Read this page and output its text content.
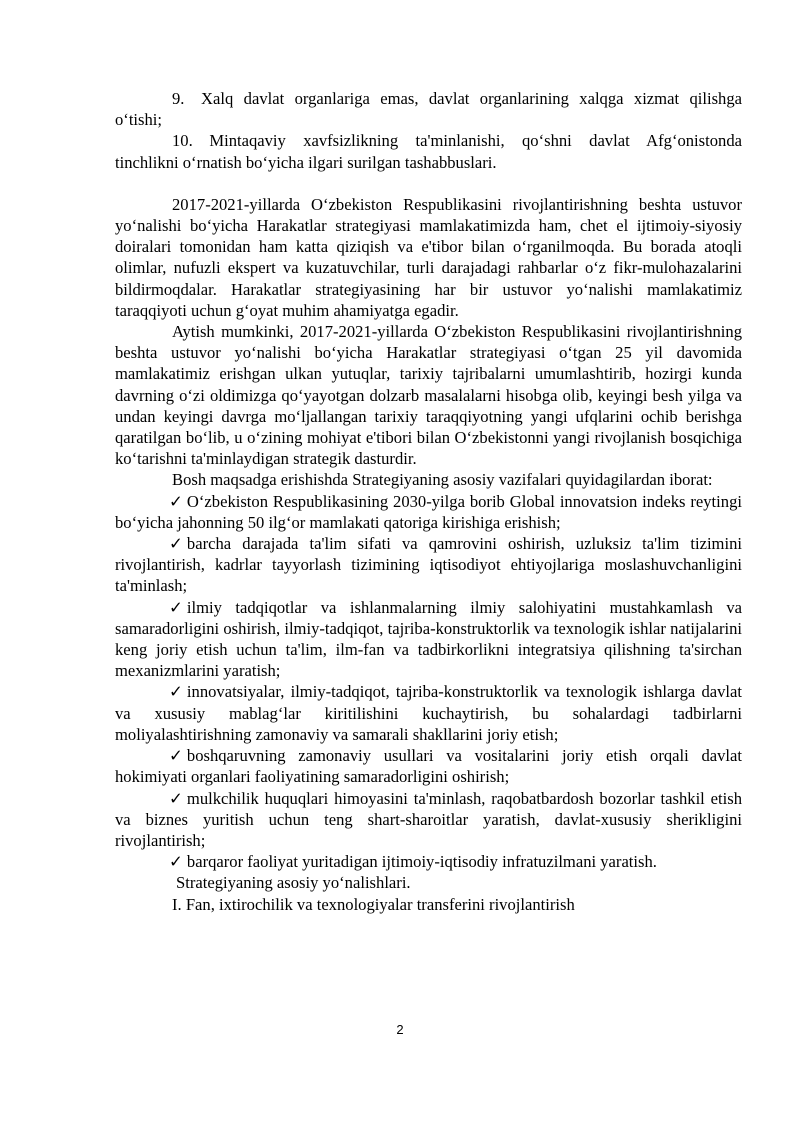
9. Xalq davlat organlariga emas, davlat organlarining xalqga xizmat qilishga oʻtishi;

10. Mintaqaviy xavfsizlikning ta'minlanishi, qoʻshni davlat Afgʻonistonda tinchlikni oʻrnatish boʻyicha ilgari surilgan tashabbuslari.

2017-2021-yillarda Oʻzbekiston Respublikasini rivojlantirishning beshta ustuvor yoʻnalishi boʻyicha Harakatlar strategiyasi mamlakatimizda ham, chet el ijtimoiy-siyosiy doiralari tomonidan ham katta qiziqish va e'tibor bilan oʻrganilmoqda. Bu borada atoqli olimlar, nufuzli ekspert va kuzatuvchilar, turli darajadagi rahbarlar oʻz fikr-mulohazalarini bildirmoqdalar. Harakatlar strategiyasining har bir ustuvor yoʻnalishi mamlakatimiz taraqqiyoti uchun gʻoyat muhim ahamiyatga egadir.

Aytish mumkinki, 2017-2021-yillarda Oʻzbekiston Respublikasini rivojlantirishning beshta ustuvor yoʻnalishi boʻyicha Harakatlar strategiyasi oʻtgan 25 yil davomida mamlakatimiz erishgan ulkan yutuqlar, tarixiy tajribalarni umumlashtirib, hozirgi kunda davrning oʻzi oldimizga qoʻyayotgan dolzarb masalalarni hisobga olib, keyingi besh yilga va undan keyingi davrga moʻljallangan tarixiy taraqqiyotning yangi ufqlarini ochib berishga qaratilgan boʻlib, u oʻzining mohiyat e'tibori bilan Oʻzbekistonni yangi rivojlanish bosqichiga koʻtarishni ta'minlaydigan strategik dasturdir.

Bosh maqsadga erishishda Strategiyaning asosiy vazifalari quyidagilardan iborat:

✓ Oʻzbekiston Respublikasining 2030-yilga borib Global innovatsion indeks reytingi boʻyicha jahonning 50 ilgʻor mamlakati qatoriga kirishiga erishish;

✓ barcha darajada ta'lim sifati va qamrovini oshirish, uzluksiz ta'lim tizimini rivojlantirish, kadrlar tayyorlash tizimining iqtisodiyot ehtiyojlariga moslashuvchanligini ta'minlash;

✓ ilmiy tadqiqotlar va ishlanmalarning ilmiy salohiyatini mustahkamlash va samaradorligini oshirish, ilmiy-tadqiqot, tajriba-konstruktorlik va texnologik ishlar natijalarini keng joriy etish uchun ta'lim, ilm-fan va tadbirkorlikni integratsiya qilishning ta'sirchan mexanizmlarini yaratish;

✓ innovatsiyalar, ilmiy-tadqiqot, tajriba-konstruktorlik va texnologik ishlarga davlat va xususiy mablagʻlar kiritilishini kuchaytirish, bu sohalardagi tadbirlarni moliyalashtirishning zamonaviy va samarali shakllarini joriy etish;

✓ boshqaruvning zamonaviy usullari va vositalarini joriy etish orqali davlat hokimiyati organlari faoliyatining samaradorligini oshirish;

✓ mulkchilik huquqlari himoyasini ta'minlash, raqobatbardosh bozorlar tashkil etish va biznes yuritish uchun teng shart-sharoitlar yaratish, davlat-xususiy sherikligini rivojlantirish;

✓ barqaror faoliyat yuritadigan ijtimoiy-iqtisodiy infratuzilmani yaratish.

Strategiyaning asosiy yoʻnalishlari.

I. Fan, ixtirochilik va texnologiyalar transferini rivojlantirish

2
